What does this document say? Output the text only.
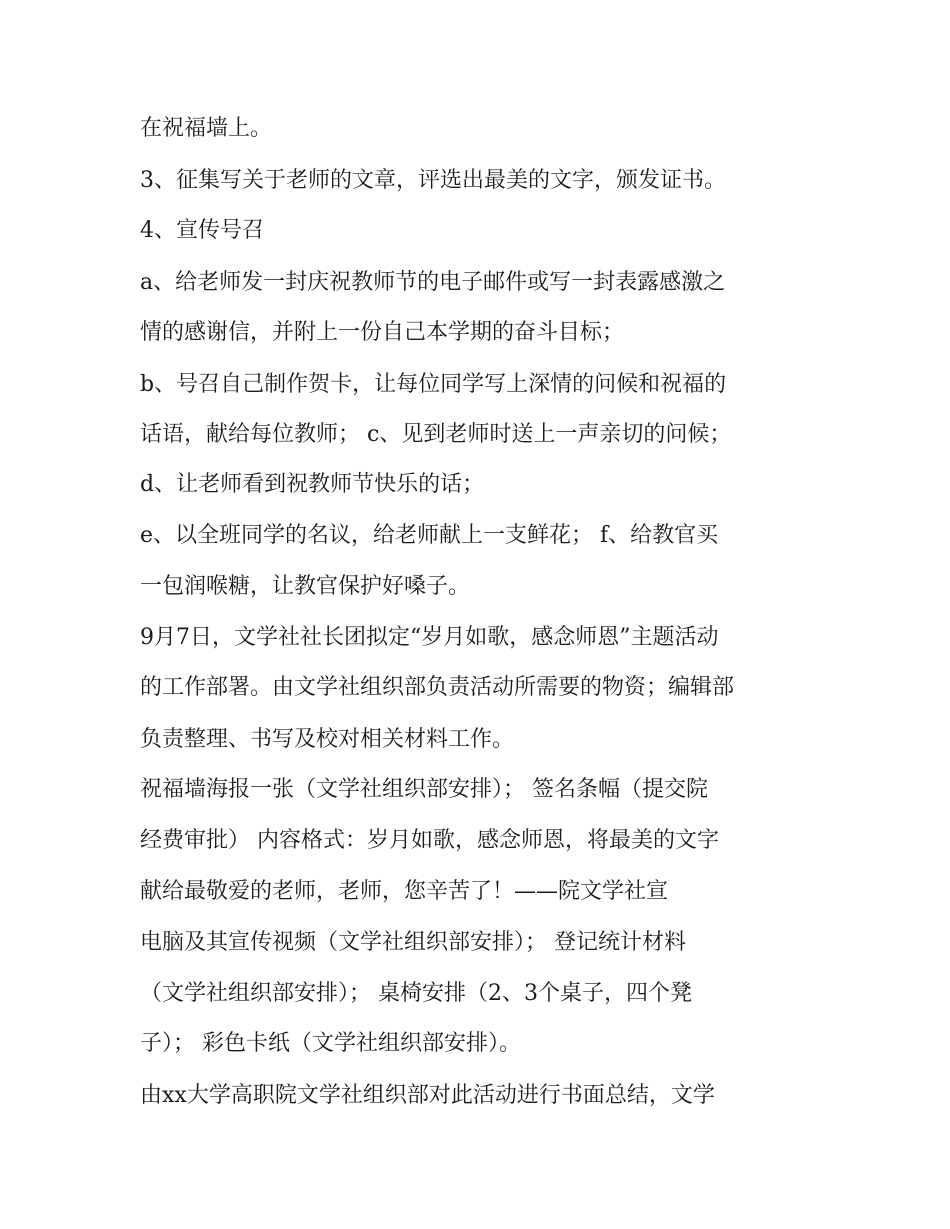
在祝福墙上。

3、征集写关于老师的文章，评选出最美的文字，颁发证书。

4、宣传号召

a、给老师发一封庆祝教师节的电子邮件或写一封表露感激之

情的感谢信，并附上一份自己本学期的奋斗目标；

b、号召自己制作贺卡，让每位同学写上深情的问候和祝福的

话语，献给每位教师； c、见到老师时送上一声亲切的问候；

d、让老师看到祝教师节快乐的话；

e、以全班同学的名议，给老师献上一支鲜花； f、给教官买

一包润喉糖，让教官保护好嗓子。

9月7日，文学社社长团拟定“岁月如歌，感念师恩”主题活动

的工作部署。由文学社组织部负责活动所需要的物资；编辑部

负责整理、书写及校对相关材料工作。

祝福墙海报一张（文学社组织部安排）； 签名条幅（提交院

经费审批） 内容格式：岁月如歌，感念师恩，将最美的文字

献给最敬爱的老师，老师，您辛苦了！——院文学社宣

电脑及其宣传视频（文学社组织部安排）； 登记统计材料

（文学社组织部安排）； 桌椅安排（2、3个桌子，四个凳

子）； 彩色卡纸（文学社组织部安排）。

由xx大学高职院文学社组织部对此活动进行书面总结，文学
